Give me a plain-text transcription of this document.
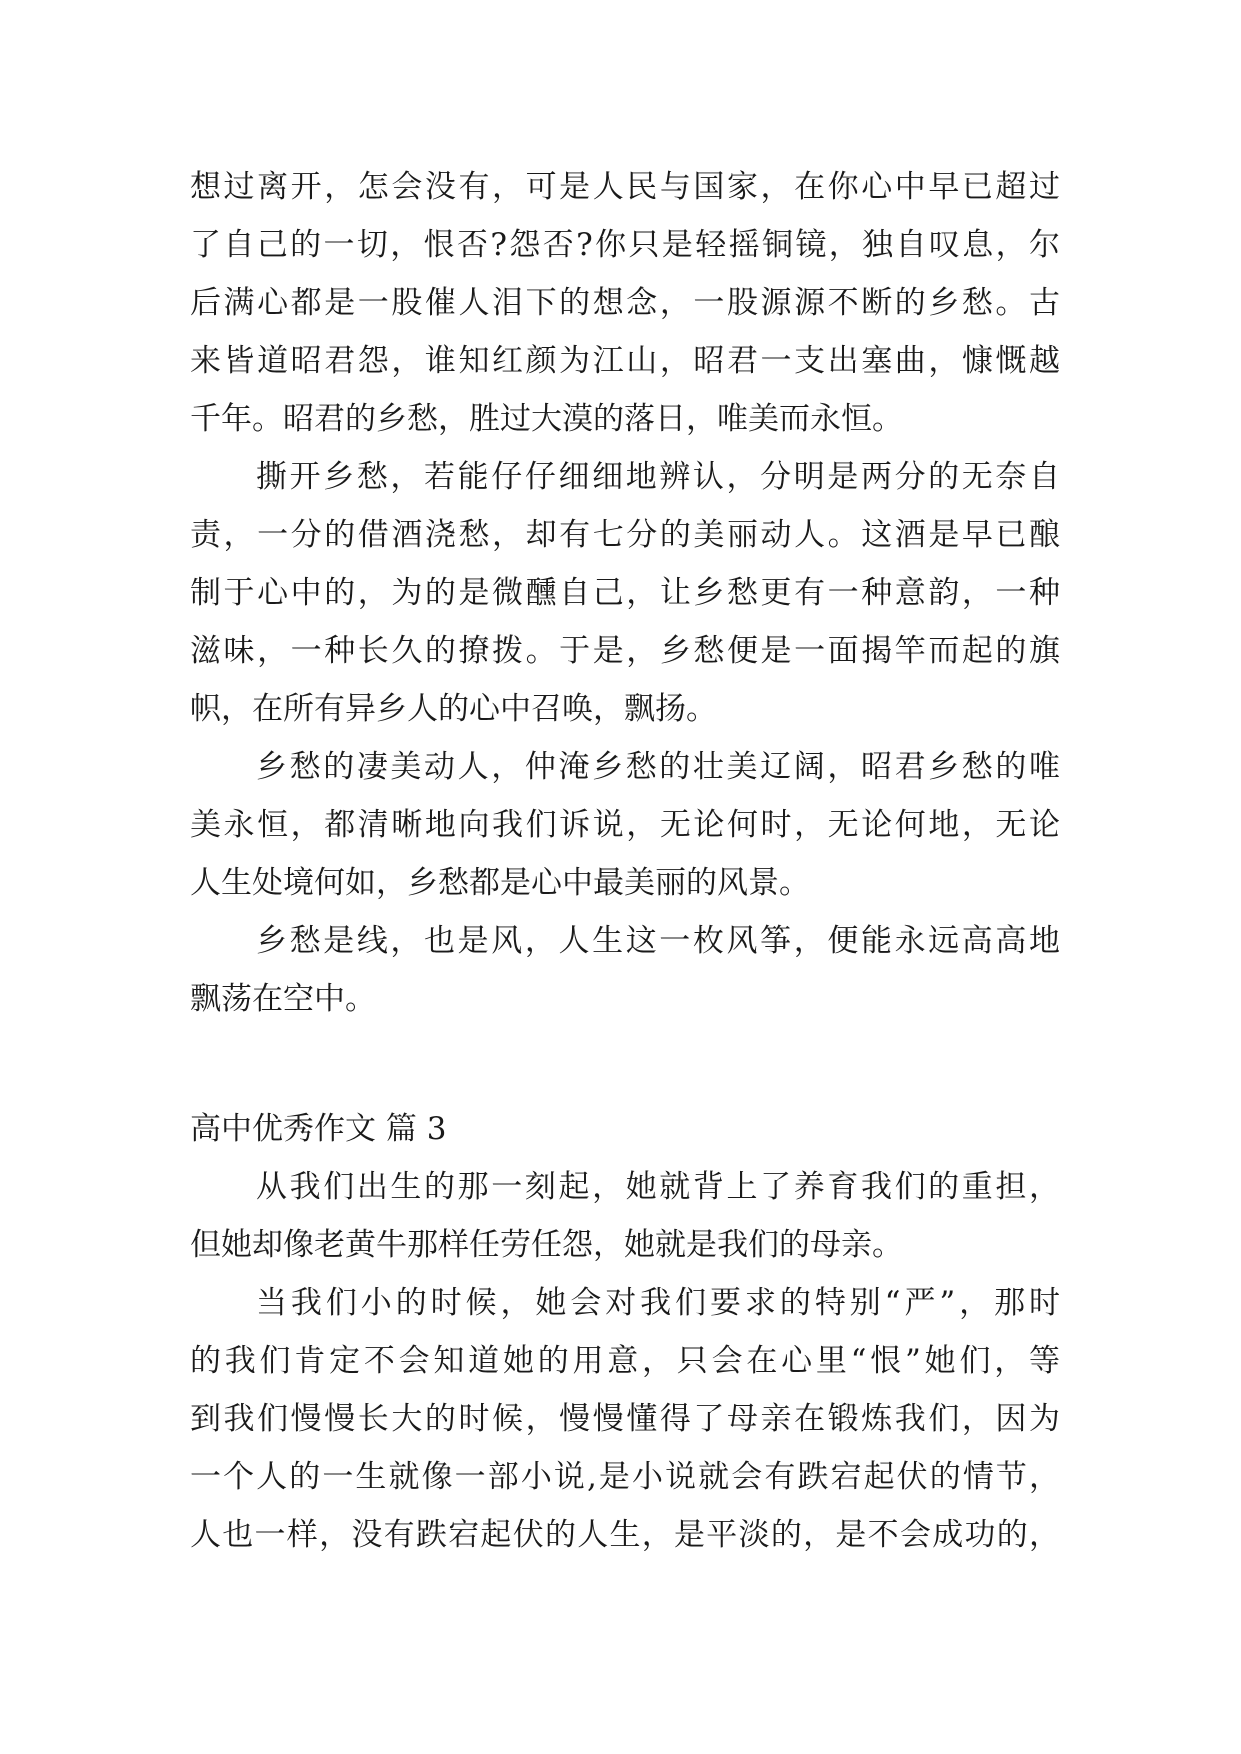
想过离开，怎会没有，可是人民与国家，在你心中早已超过
了自己的一切，恨否?怨否?你只是轻摇铜镜，独自叹息，尔
后满心都是一股催人泪下的想念，一股源源不断的乡愁。古
来皆道昭君怨，谁知红颜为江山，昭君一支出塞曲，慷慨越
千年。昭君的乡愁，胜过大漠的落日，唯美而永恒。
撕开乡愁，若能仔仔细细地辨认，分明是两分的无奈自
责，一分的借酒浇愁，却有七分的美丽动人。这酒是早已酿
制于心中的，为的是微醺自己，让乡愁更有一种意韵，一种
滋味，一种长久的撩拨。于是，乡愁便是一面揭竿而起的旗
帜，在所有异乡人的心中召唤，飘扬。
乡愁的凄美动人，仲淹乡愁的壮美辽阔，昭君乡愁的唯
美永恒，都清晰地向我们诉说，无论何时，无论何地，无论
人生处境何如，乡愁都是心中最美丽的风景。
乡愁是线，也是风，人生这一枚风筝，便能永远高高地
飘荡在空中。
高中优秀作文 篇 3
从我们出生的那一刻起，她就背上了养育我们的重担，
但她却像老黄牛那样任劳任怨，她就是我们的母亲。
当我们小的时候，她会对我们要求的特别“严”，那时
的我们肯定不会知道她的用意，只会在心里“恨”她们，等
到我们慢慢长大的时候，慢慢懂得了母亲在锻炼我们，因为
一个人的一生就像一部小说,是小说就会有跌宕起伏的情节，
人也一样，没有跌宕起伏的人生，是平淡的，是不会成功的，
